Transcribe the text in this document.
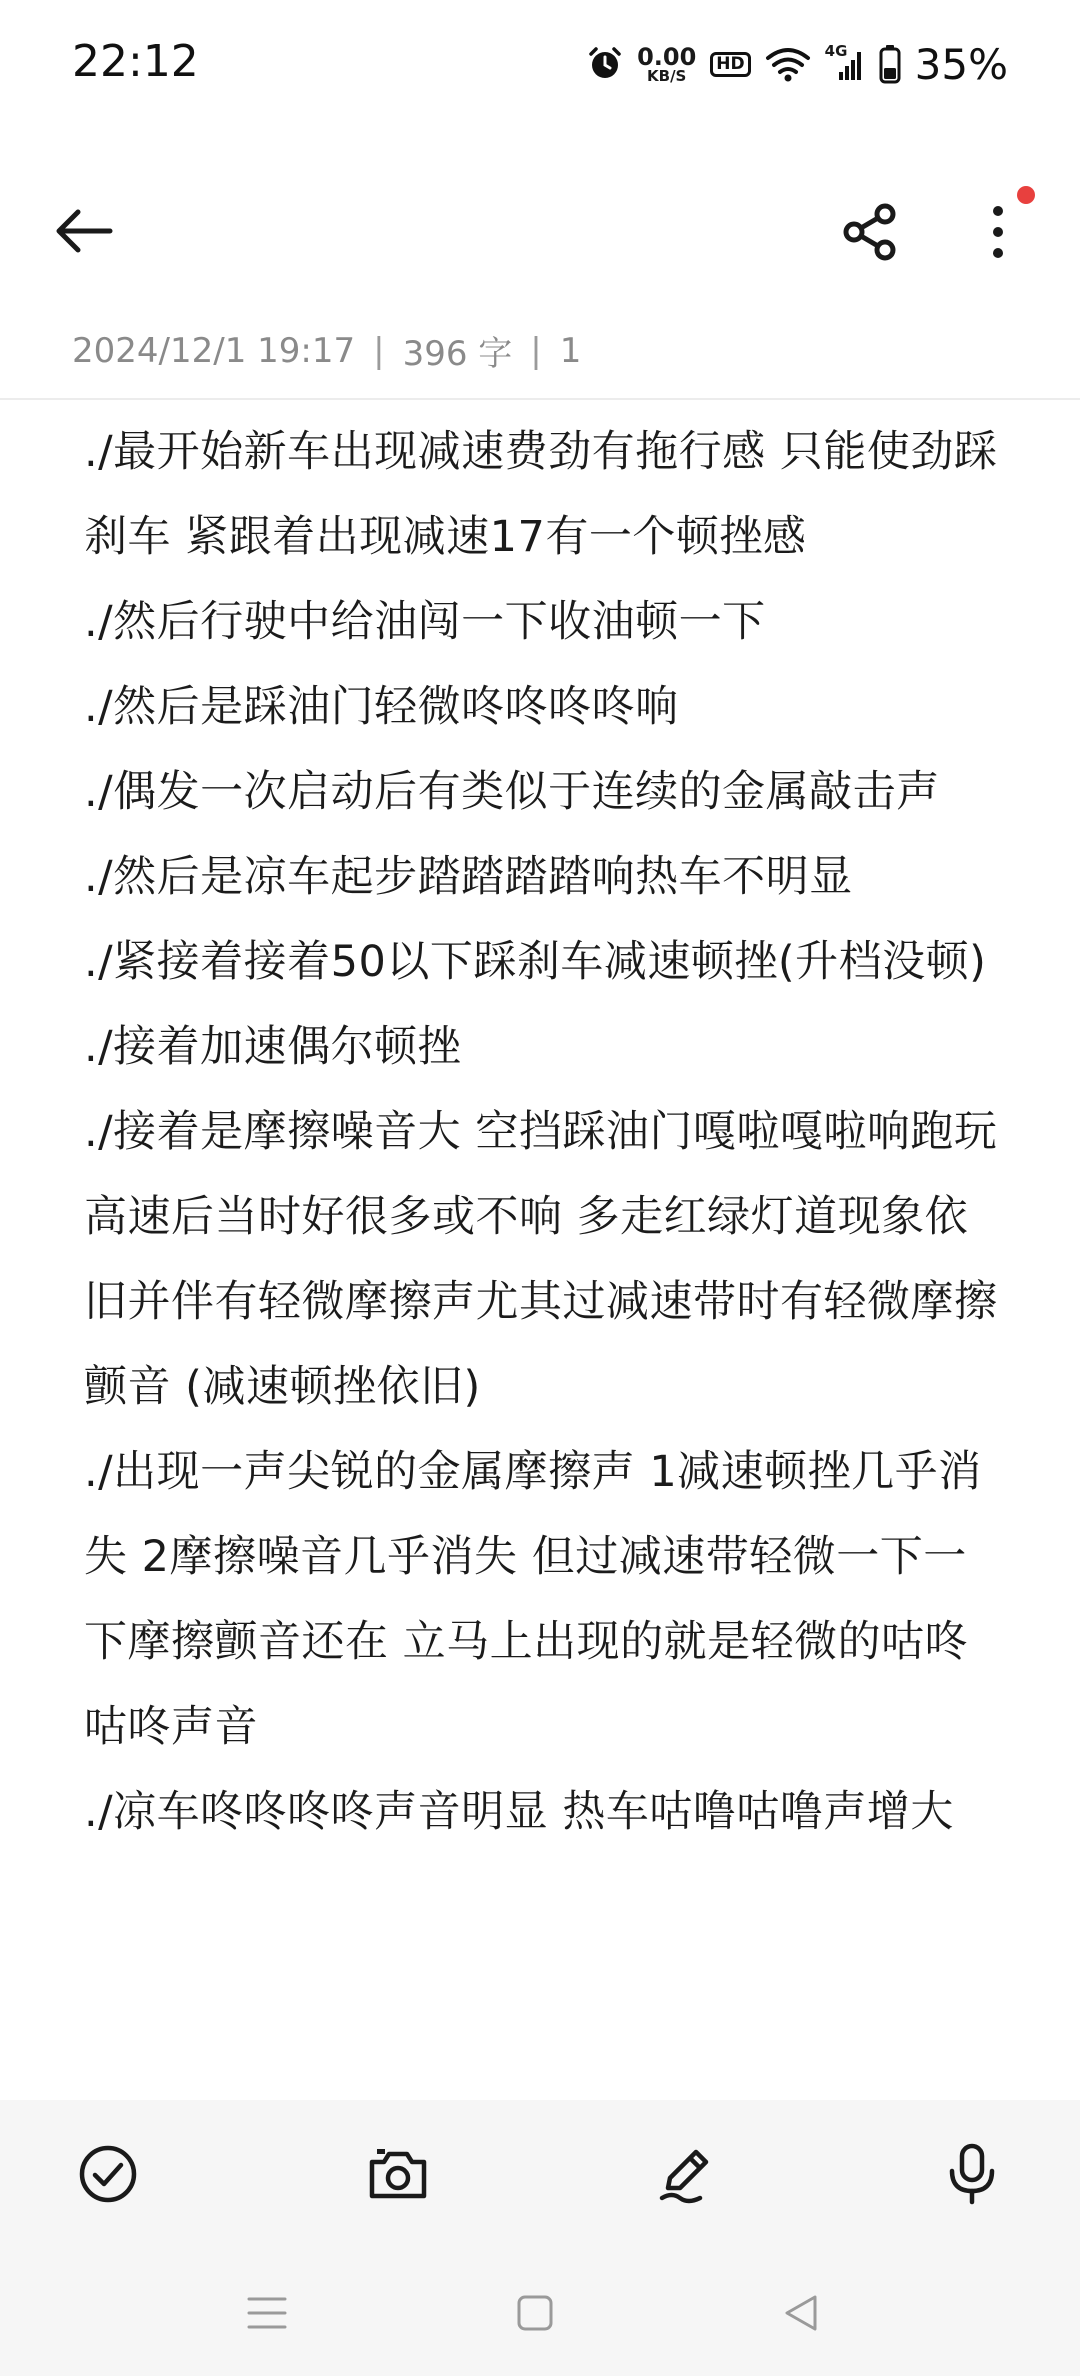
22:12	0.00
KB/S
HD
4G 35%
2024/12/1 19:17 | 396 字 | 1
./最开始新车出现减速费劲有拖行感 只能使劲踩刹车 紧跟着出现减速17有一个顿挫感
./然后行驶中给油闯一下收油顿一下
./然后是踩油门轻微咚咚咚咚响
./偶发一次启动后有类似于连续的金属敲击声
./然后是凉车起步踏踏踏踏响热车不明显
./紧接着接着50以下踩刹车减速顿挫(升档没顿)
./接着加速偶尔顿挫
./接着是摩擦噪音大 空挡踩油门嘎啦嘎啦响跑玩高速后当时好很多或不响 多走红绿灯道现象依旧并伴有轻微摩擦声尤其过减速带时有轻微摩擦颤音 (减速顿挫依旧)
./出现一声尖锐的金属摩擦声 1减速顿挫几乎消失 2摩擦噪音几乎消失 但过减速带轻微一下一下摩擦颤音还在 立马上出现的就是轻微的咕咚咕咚声音
./凉车咚咚咚咚声音明显 热车咕噜咕噜声增大
